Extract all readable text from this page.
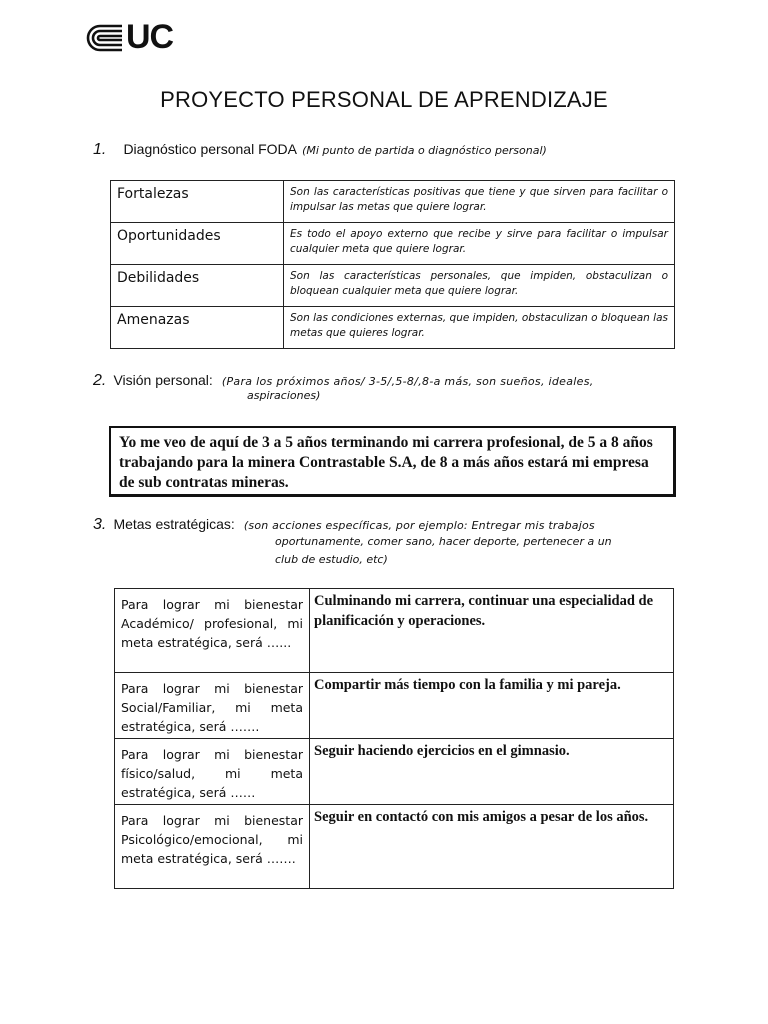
UC
PROYECTO PERSONAL DE APRENDIZAJE
1. Diagnóstico personal FODA (Mi punto de partida o diagnóstico personal)
Fortalezas	Son las características positivas que tiene y que sirven para facilitar o impulsar las metas que quiere lograr.
Oportunidades	Es todo el apoyo externo que recibe y sirve para facilitar o impulsar cualquier meta que quiere lograr.
Debilidades	Son las características personales, que impiden, obstaculizan o bloquean cualquier meta que quiere lograr.
Amenazas	Son las condiciones externas, que impiden, obstaculizan o bloquean las metas que quieres lograr.
2. Visión personal: (Para los próximos años/ 3-5/,5-8/,8-a más, son sueños, ideales,
aspiraciones)
Yo me veo de aquí de 3 a 5 años terminando mi carrera profesional, de 5 a 8 años trabajando para la minera Contrastable S.A, de 8 a más años estará mi empresa de sub contratas mineras.
3. Metas estratégicas: (son acciones específicas, por ejemplo: Entregar mis trabajos
oportunamente, comer sano, hacer deporte, pertenecer a un
club de estudio, etc)
Para lograr mi bienestar Académico/ profesional, mi meta estratégica, será …...	Culminando mi carrera, continuar una especialidad de planificación y operaciones.
Para lograr mi bienestar Social/Familiar, mi meta estratégica, será …….	Compartir más tiempo con la familia y mi pareja.
Para lograr mi bienestar físico/salud, mi meta estratégica, será ……	Seguir haciendo ejercicios en el gimnasio.
Para lograr mi bienestar Psicológico/emocional, mi meta estratégica, será …….	Seguir en contactó con mis amigos a pesar de los años.
